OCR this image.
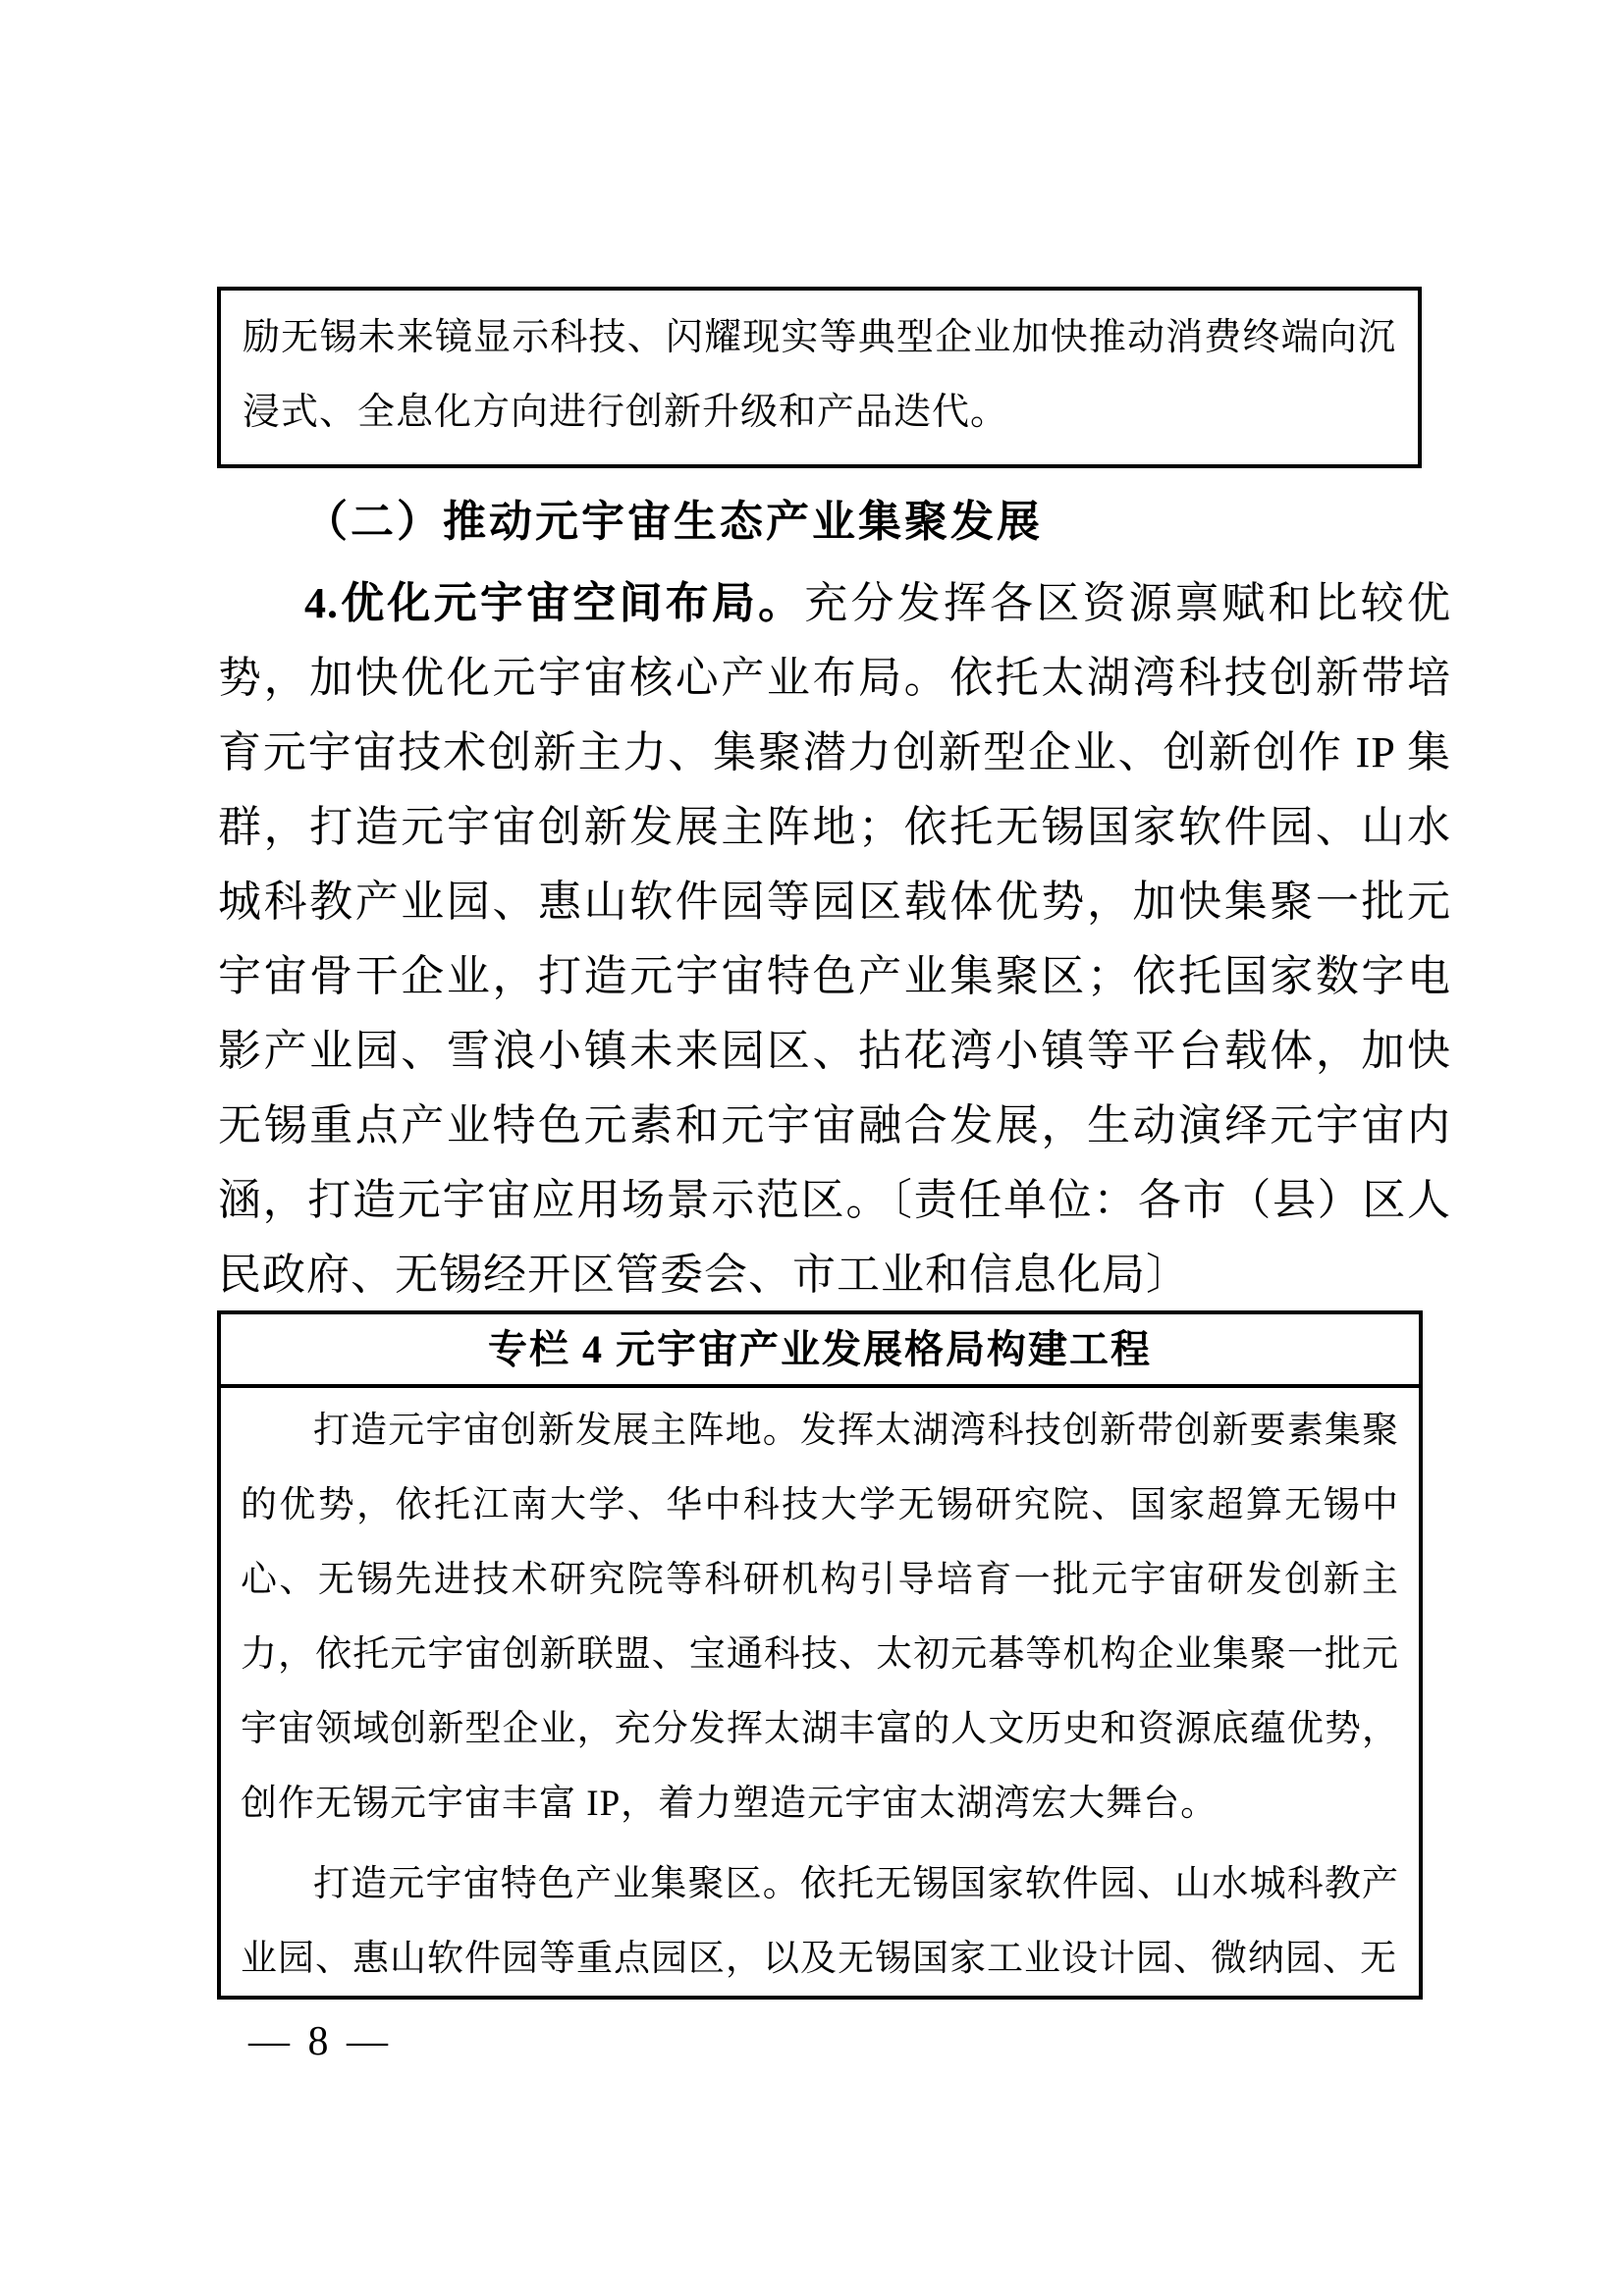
励无锡未来镜显示科技、闪耀现实等典型企业加快推动消费终端向沉浸式、全息化方向进行创新升级和产品迭代。

（二）推动元宇宙生态产业集聚发展

4.优化元宇宙空间布局。充分发挥各区资源禀赋和比较优势，加快优化元宇宙核心产业布局。依托太湖湾科技创新带培育元宇宙技术创新主力、集聚潜力创新型企业、创新创作 IP 集群，打造元宇宙创新发展主阵地；依托无锡国家软件园、山水城科教产业园、惠山软件园等园区载体优势，加快集聚一批元宇宙骨干企业，打造元宇宙特色产业集聚区；依托国家数字电影产业园、雪浪小镇未来园区、拈花湾小镇等平台载体，加快无锡重点产业特色元素和元宇宙融合发展，生动演绎元宇宙内涵，打造元宇宙应用场景示范区。〔责任单位：各市（县）区人民政府、无锡经开区管委会、市工业和信息化局〕

专栏 4 元宇宙产业发展格局构建工程

打造元宇宙创新发展主阵地。发挥太湖湾科技创新带创新要素集聚的优势，依托江南大学、华中科技大学无锡研究院、国家超算无锡中心、无锡先进技术研究院等科研机构引导培育一批元宇宙研发创新主力，依托元宇宙创新联盟、宝通科技、太初元碁等机构企业集聚一批元宇宙领域创新型企业，充分发挥太湖丰富的人文历史和资源底蕴优势，创作无锡元宇宙丰富 IP，着力塑造元宇宙太湖湾宏大舞台。

打造元宇宙特色产业集聚区。依托无锡国家软件园、山水城科教产业园、惠山软件园等重点园区，以及无锡国家工业设计园、微纳园、无

— 8 —
